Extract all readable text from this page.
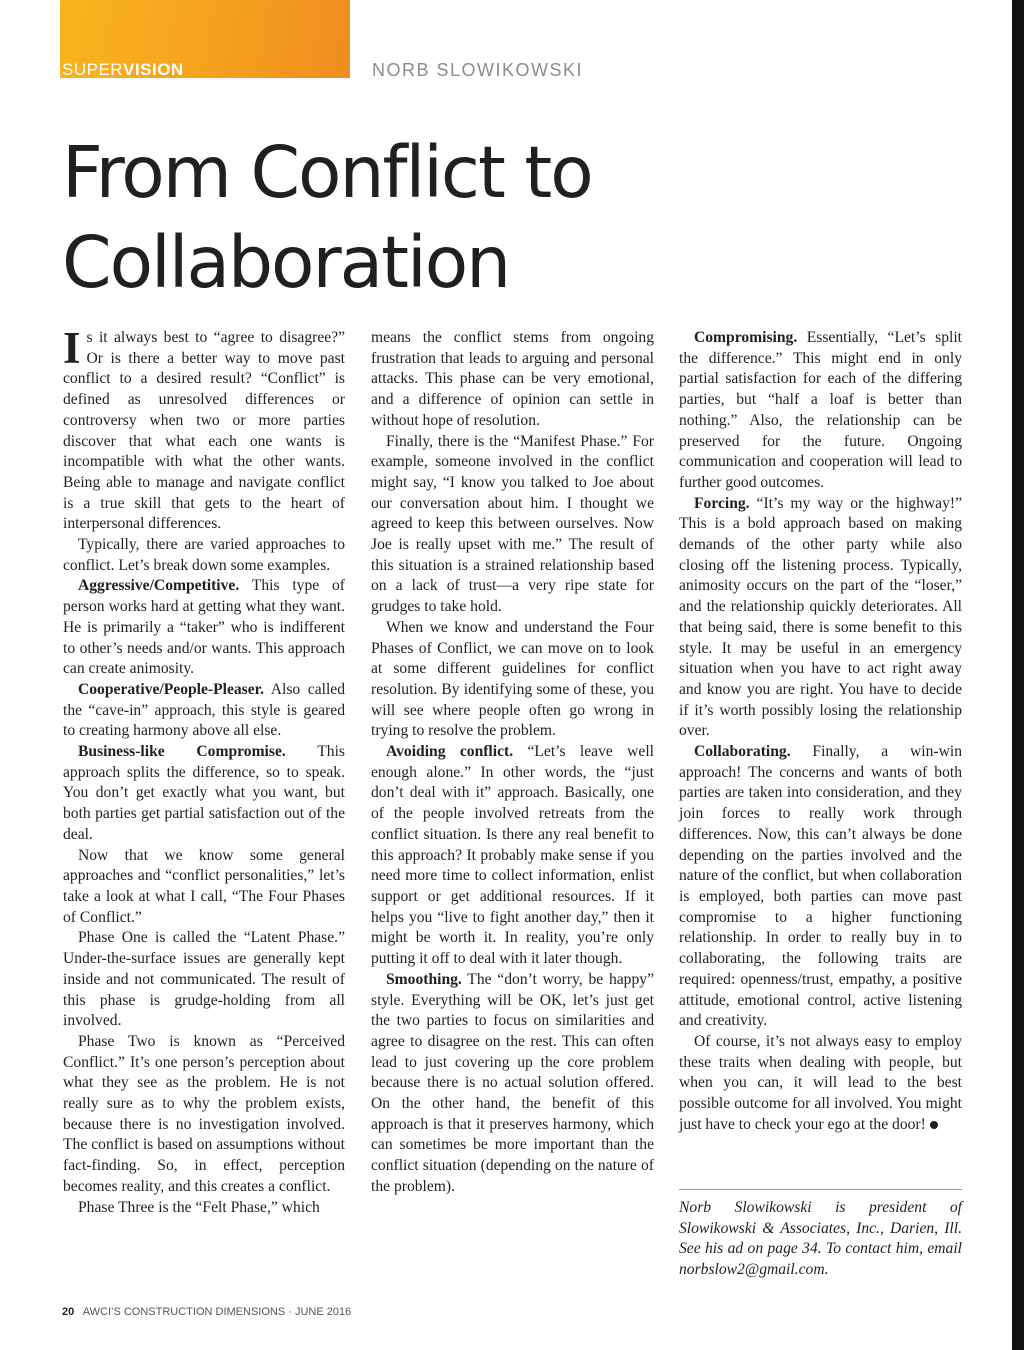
SUPERVISION	NORB SLOWIKOWSKI
From Conflict to
Collaboration

Is it always best to “agree to disagree?” Or is there a better way to move past conflict to a desired result? “Conflict” is defined as unresolved differences or controversy when two or more parties discover that what each one wants is incompatible with what the other wants. Being able to manage and navigate conflict is a true skill that gets to the heart of interpersonal differences.

Typically, there are varied approaches to conflict. Let’s break down some examples.

Aggressive/Competitive. This type of person works hard at getting what they want. He is primarily a “taker” who is indifferent to other’s needs and/or wants. This approach can create animosity.

Cooperative/People-Pleaser. Also called the “cave-in” approach, this style is geared to creating harmony above all else.

Business-like Compromise. This approach splits the difference, so to speak. You don’t get exactly what you want, but both parties get partial satisfaction out of the deal.

Now that we know some general approaches and “conflict personalities,” let’s take a look at what I call, “The Four Phases of Conflict.”

Phase One is called the “Latent Phase.” Under-the-surface issues are generally kept inside and not communicated. The result of this phase is grudge-holding from all involved.

Phase Two is known as “Perceived Conflict.” It’s one person’s perception about what they see as the problem. He is not really sure as to why the problem exists, because there is no investigation involved. The conflict is based on assumptions without fact-finding. So, in effect, perception becomes reality, and this creates a conflict.

Phase Three is the “Felt Phase,” which

means the conflict stems from ongoing frustration that leads to arguing and personal attacks. This phase can be very emotional, and a difference of opinion can settle in without hope of resolution.

Finally, there is the “Manifest Phase.” For example, someone involved in the conflict might say, “I know you talked to Joe about our conversation about him. I thought we agreed to keep this between ourselves. Now Joe is really upset with me.” The result of this situation is a strained relationship based on a lack of trust—a very ripe state for grudges to take hold.

When we know and understand the Four Phases of Conflict, we can move on to look at some different guidelines for conflict resolution. By identifying some of these, you will see where people often go wrong in trying to resolve the problem.

Avoiding conflict. “Let’s leave well enough alone.” In other words, the “just don’t deal with it” approach. Basically, one of the people involved retreats from the conflict situation. Is there any real benefit to this approach? It probably make sense if you need more time to collect information, enlist support or get additional resources. If it helps you “live to fight another day,” then it might be worth it. In reality, you’re only putting it off to deal with it later though.

Smoothing. The “don’t worry, be happy” style. Everything will be OK, let’s just get the two parties to focus on similarities and agree to disagree on the rest. This can often lead to just covering up the core problem because there is no actual solution offered. On the other hand, the benefit of this approach is that it preserves harmony, which can sometimes be more important than the conflict situation (depending on the nature of the problem).

Compromising. Essentially, “Let’s split the difference.” This might end in only partial satisfaction for each of the differing parties, but “half a loaf is better than nothing.” Also, the relationship can be preserved for the future. Ongoing communication and cooperation will lead to further good outcomes.

Forcing. “It’s my way or the highway!” This is a bold approach based on making demands of the other party while also closing off the listening process. Typically, animosity occurs on the part of the “loser,” and the relationship quickly deteriorates. All that being said, there is some benefit to this style. It may be useful in an emergency situation when you have to act right away and know you are right. You have to decide if it’s worth possibly losing the relationship over.

Collaborating. Finally, a win-win approach! The concerns and wants of both parties are taken into consideration, and they join forces to really work through differences. Now, this can’t always be done depending on the parties involved and the nature of the conflict, but when collaboration is employed, both parties can move past compromise to a higher functioning relationship. In order to really buy in to collaborating, the following traits are required: openness/trust, empathy, a positive attitude, emotional control, active listening and creativity.

Of course, it’s not always easy to employ these traits when dealing with people, but when you can, it will lead to the best possible outcome for all involved. You might just have to check your ego at the door!

Norb Slowikowski is president of Slowikowski & Associates, Inc., Darien, Ill. See his ad on page 34. To contact him, email norbslow2@gmail.com.
20 AWCI’S CONSTRUCTION DIMENSIONS · JUNE 2016
